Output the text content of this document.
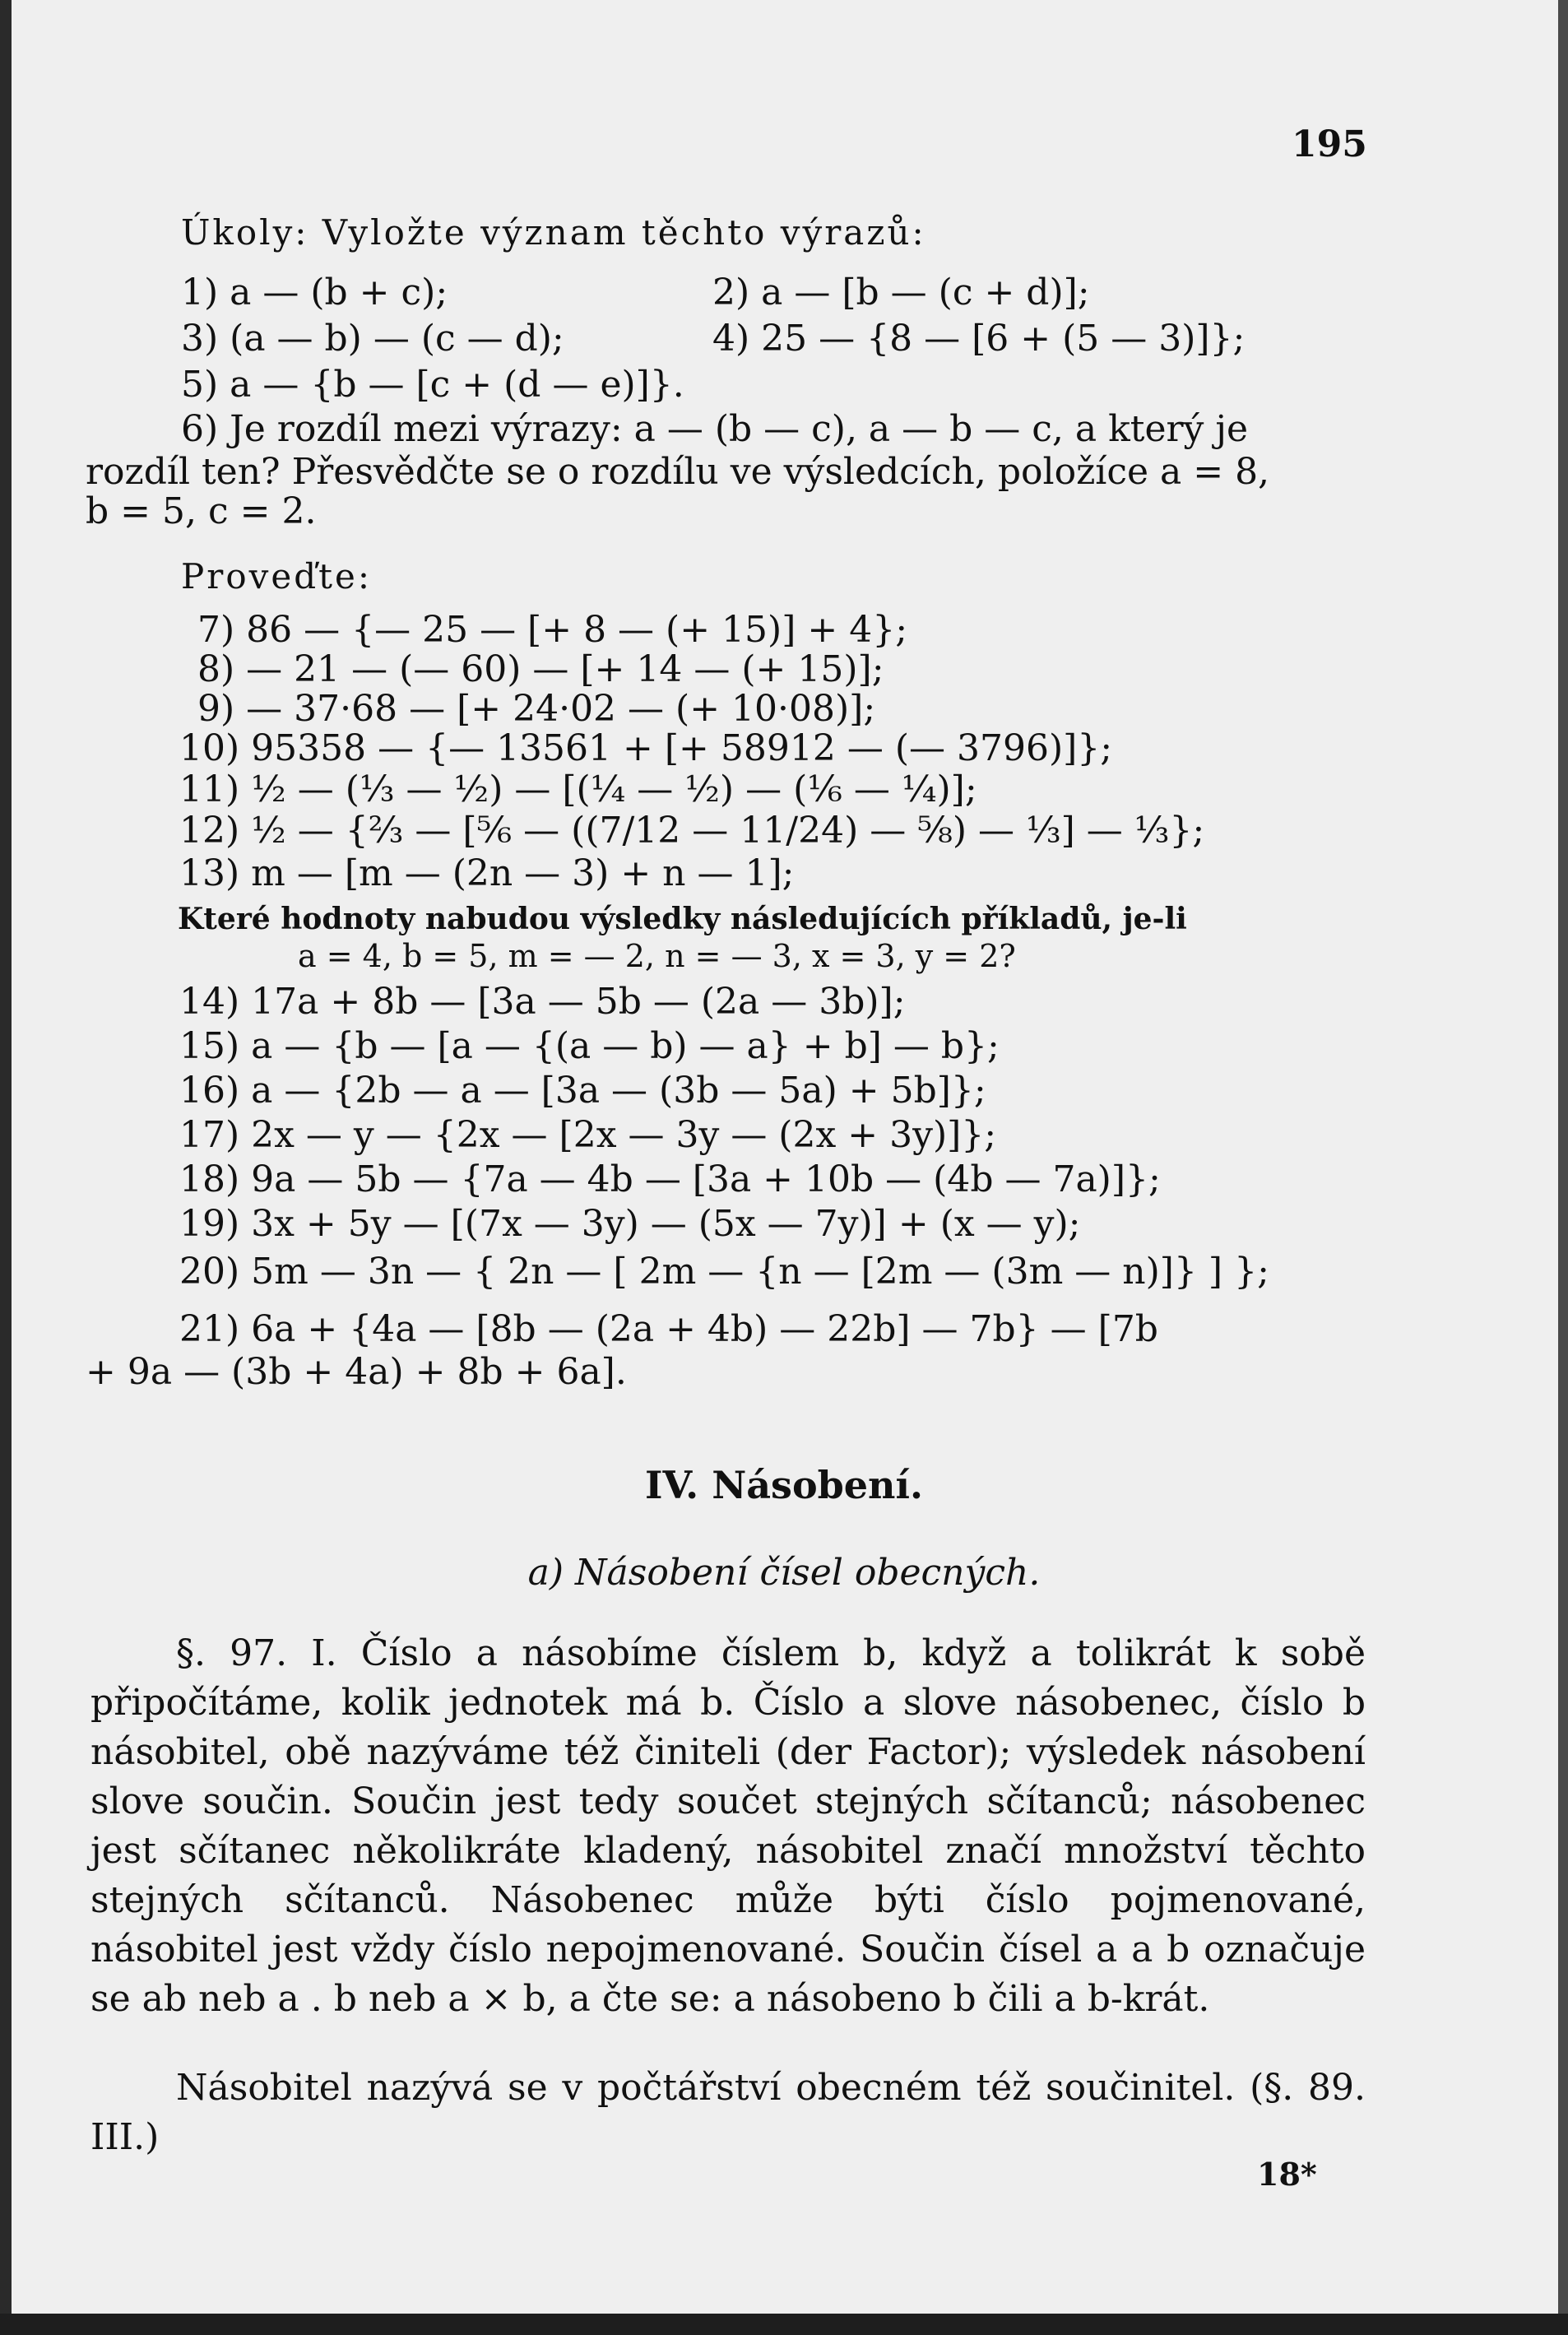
195
Úkoly: Vyložte význam těchto výrazů:
1) a — (b + c);	2) a — [b — (c + d)];
3) (a — b) — (c — d);	4) 25 — {8 — [6 + (5 — 3)]};
5) a — {b — [c + (d — e)]}.
6) Je rozdíl mezi výrazy: a — (b — c), a — b — c, a který je
rozdíl ten? Přesvědčte se o rozdílu ve výsledcích, položíce a = 8,
b = 5, c = 2.
Proveďte:
7) 86 — {— 25 — [+ 8 — (+ 15)] + 4};
8) — 21 — (— 60) — [+ 14 — (+ 15)];
9) — 37·68 — [+ 24·02 — (+ 10·08)];
10) 95358 — {— 13561 + [+ 58912 — (— 3796)]};
11) ½ — (⅓ — ½) — [(¼ — ½) — (⅙ — ¼)];
12) ½ — {⅔ — [⅚ — ((7/12 — 11/24) — ⅝) — ⅓] — ⅓};
13) m — [m — (2n — 3) + n — 1];
Které hodnoty nabudou výsledky následujících příkladů, je-li
a = 4, b = 5, m = — 2, n = — 3, x = 3, y = 2?
14) 17a + 8b — [3a — 5b — (2a — 3b)];
15) a — {b — [a — {(a — b) — a} + b] — b};
16) a — {2b — a — [3a — (3b — 5a) + 5b]};
17) 2x — y — {2x — [2x — 3y — (2x + 3y)]};
18) 9a — 5b — {7a — 4b — [3a + 10b — (4b — 7a)]};
19) 3x + 5y — [(7x — 3y) — (5x — 7y)] + (x — y);
20) 5m — 3n — { 2n — [ 2m — {n — [2m — (3m — n)]} ] };
21) 6a + {4a — [8b — (2a + 4b) — 22b] — 7b} — [7b
+ 9a — (3b + 4a) + 8b + 6a].
IV. Násobení.
a) Násobení čísel obecných.
§. 97. I. Číslo a násobíme číslem b, když a tolikrát k sobě připočítáme, kolik jednotek má b. Číslo a slove násobenec, číslo b násobitel, obě nazýváme též činiteli (der Factor); výsledek násobení slove součin. Součin jest tedy součet stejných sčítanců; násobenec jest sčítanec několikráte kladený, násobitel značí množství těchto stejných sčítanců. Násobenec může býti číslo pojmenované, násobitel jest vždy číslo nepojmenované. Součin čísel a a b označuje se ab neb a . b neb a × b, a čte se: a násobeno b čili a b-krát.
Násobitel nazývá se v počtářství obecném též součinitel. (§. 89. III.)
18*
